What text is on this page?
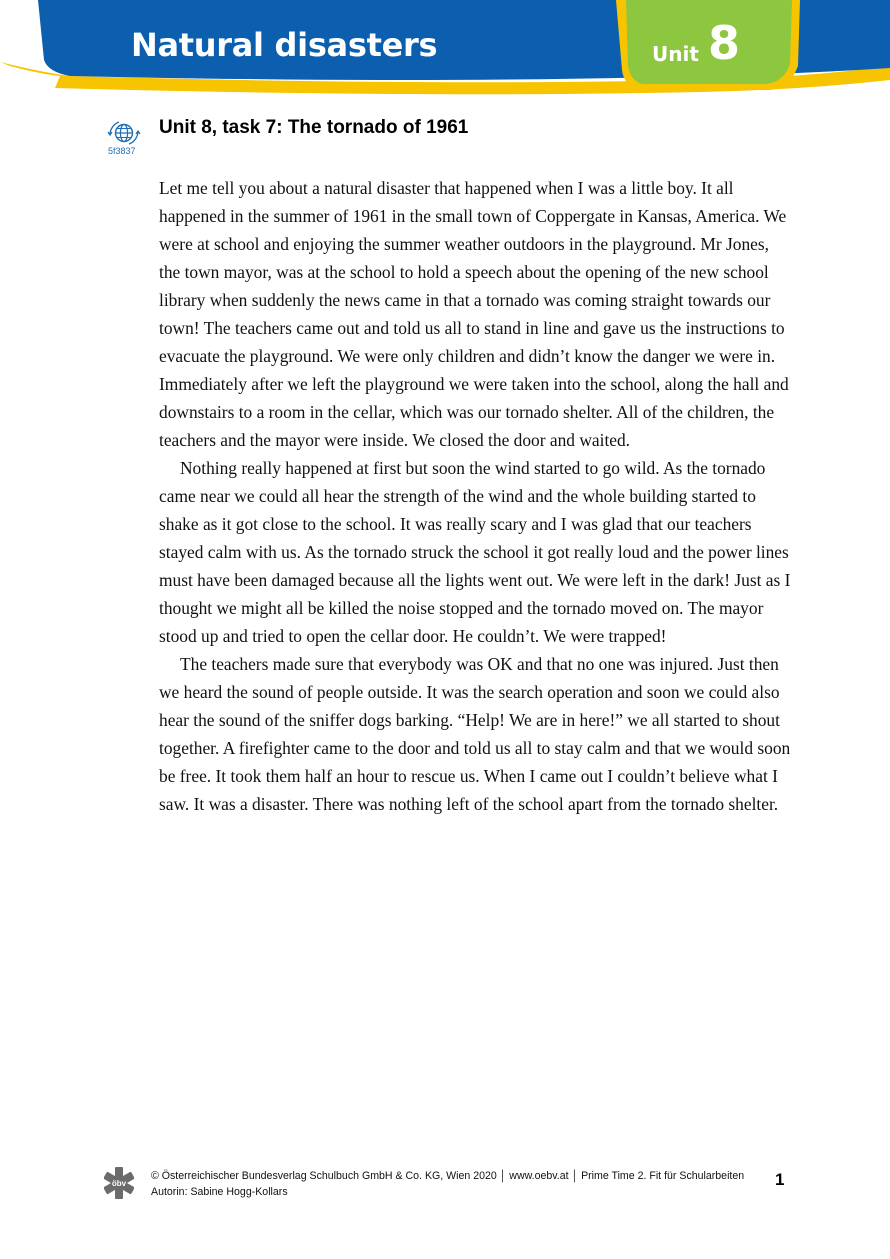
Natural disasters	Unit 8
5f3837
Unit 8, task 7: The tornado of 1961

Let me tell you about a natural disaster that happened when I was a little boy. It all happened in the summer of 1961 in the small town of Coppergate in Kansas, America. We were at school and enjoying the summer weather outdoors in the playground. Mr Jones, the town mayor, was at the school to hold a speech about the opening of the new school library when suddenly the news came in that a tornado was coming straight towards our town! The teachers came out and told us all to stand in line and gave us the instructions to evacuate the playground. We were only children and didn’t know the danger we were in. Immediately after we left the playground we were taken into the school, along the hall and downstairs to a room in the cellar, which was our tornado shelter. All of the children, the teachers and the mayor were inside. We closed the door and waited.

Nothing really happened at first but soon the wind started to go wild. As the tornado came near we could all hear the strength of the wind and the whole building started to shake as it got close to the school. It was really scary and I was glad that our teachers stayed calm with us. As the tornado struck the school it got really loud and the power lines must have been damaged because all the lights went out. We were left in the dark! Just as I thought we might all be killed the noise stopped and the tornado moved on. The mayor stood up and tried to open the cellar door. He couldn’t. We were trapped!

The teachers made sure that everybody was OK and that no one was injured. Just then we heard the sound of people outside. It was the search operation and soon we could also hear the sound of the sniffer dogs barking. “Help! We are in here!” we all started to shout together. A firefighter came to the door and told us all to stay calm and that we would soon be free. It took them half an hour to rescue us. When I came out I couldn’t believe what I saw. It was a disaster. There was nothing left of the school apart from the tornado shelter.

öbv
© Österreichischer Bundesverlag Schulbuch GmbH & Co. KG, Wien 2020 │ www.oebv.at │ Prime Time 2. Fit für Schularbeiten
Autorin: Sabine Hogg-Kollars
1
